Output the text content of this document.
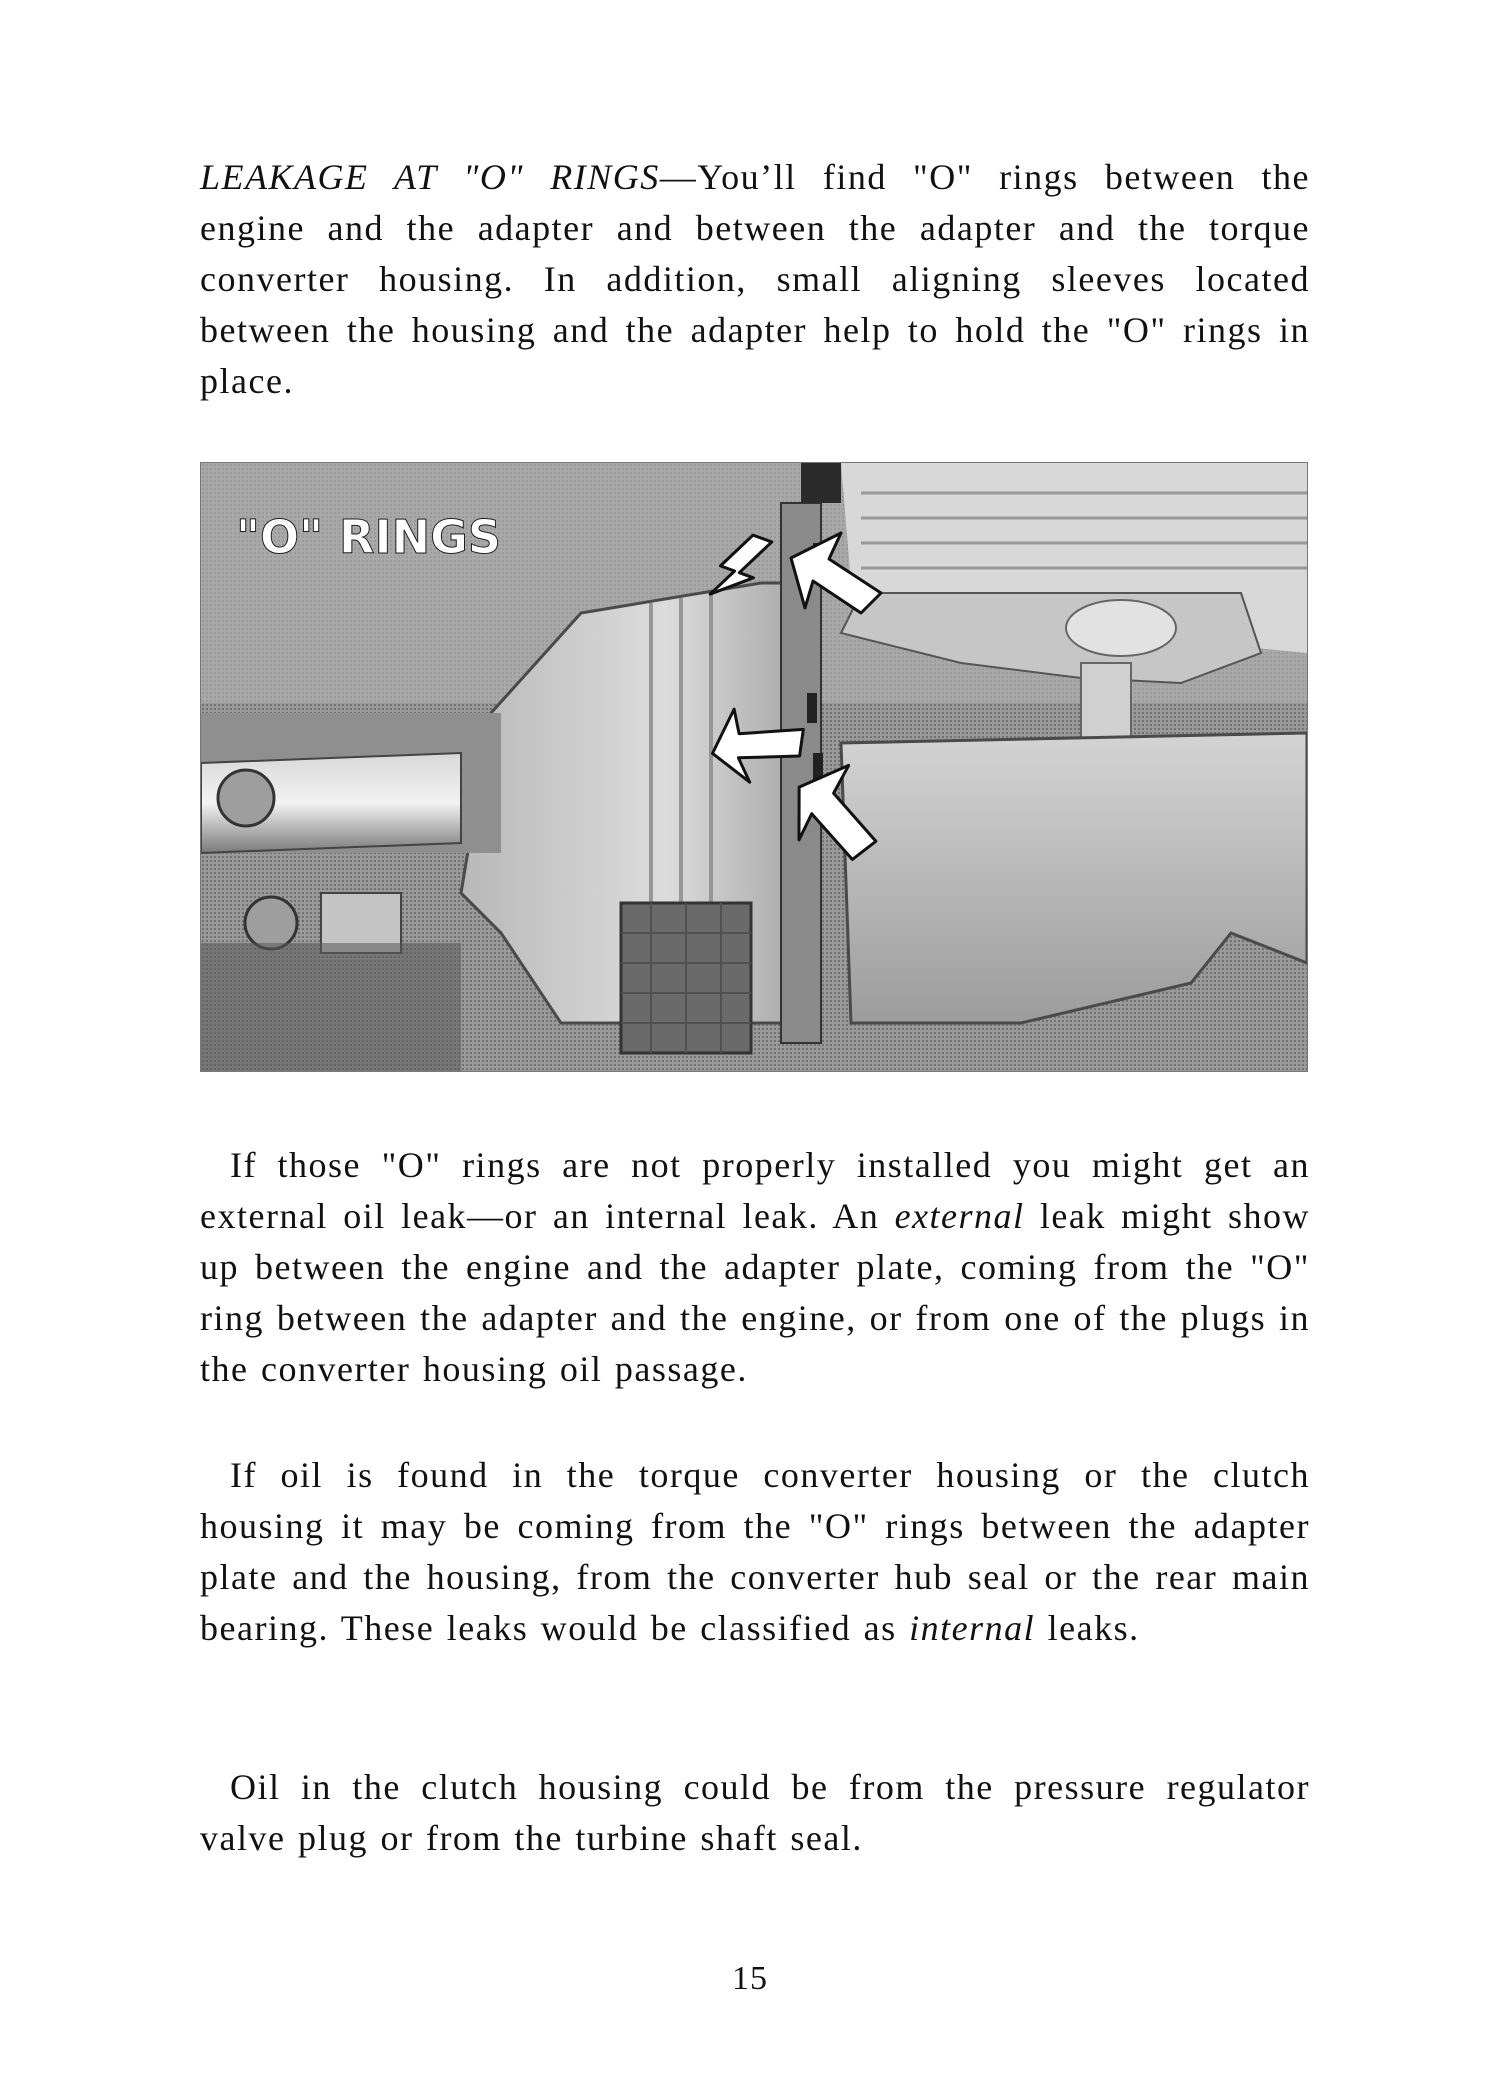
LEAKAGE AT "O" RINGS—You’ll find "O" rings between the engine and the adapter and between the adapter and the torque converter housing. In addition, small aligning sleeves located between the housing and the adapter help to hold the "O" rings in place.

"O" RINGS

If those "O" rings are not properly installed you might get an external oil leak—or an internal leak. An external leak might show up between the engine and the adapter plate, coming from the "O" ring between the adapter and the engine, or from one of the plugs in the converter housing oil passage.

If oil is found in the torque converter housing or the clutch housing it may be coming from the "O" rings between the adapter plate and the housing, from the converter hub seal or the rear main bearing. These leaks would be classified as internal leaks.

Oil in the clutch housing could be from the pressure regulator valve plug or from the turbine shaft seal.

15
